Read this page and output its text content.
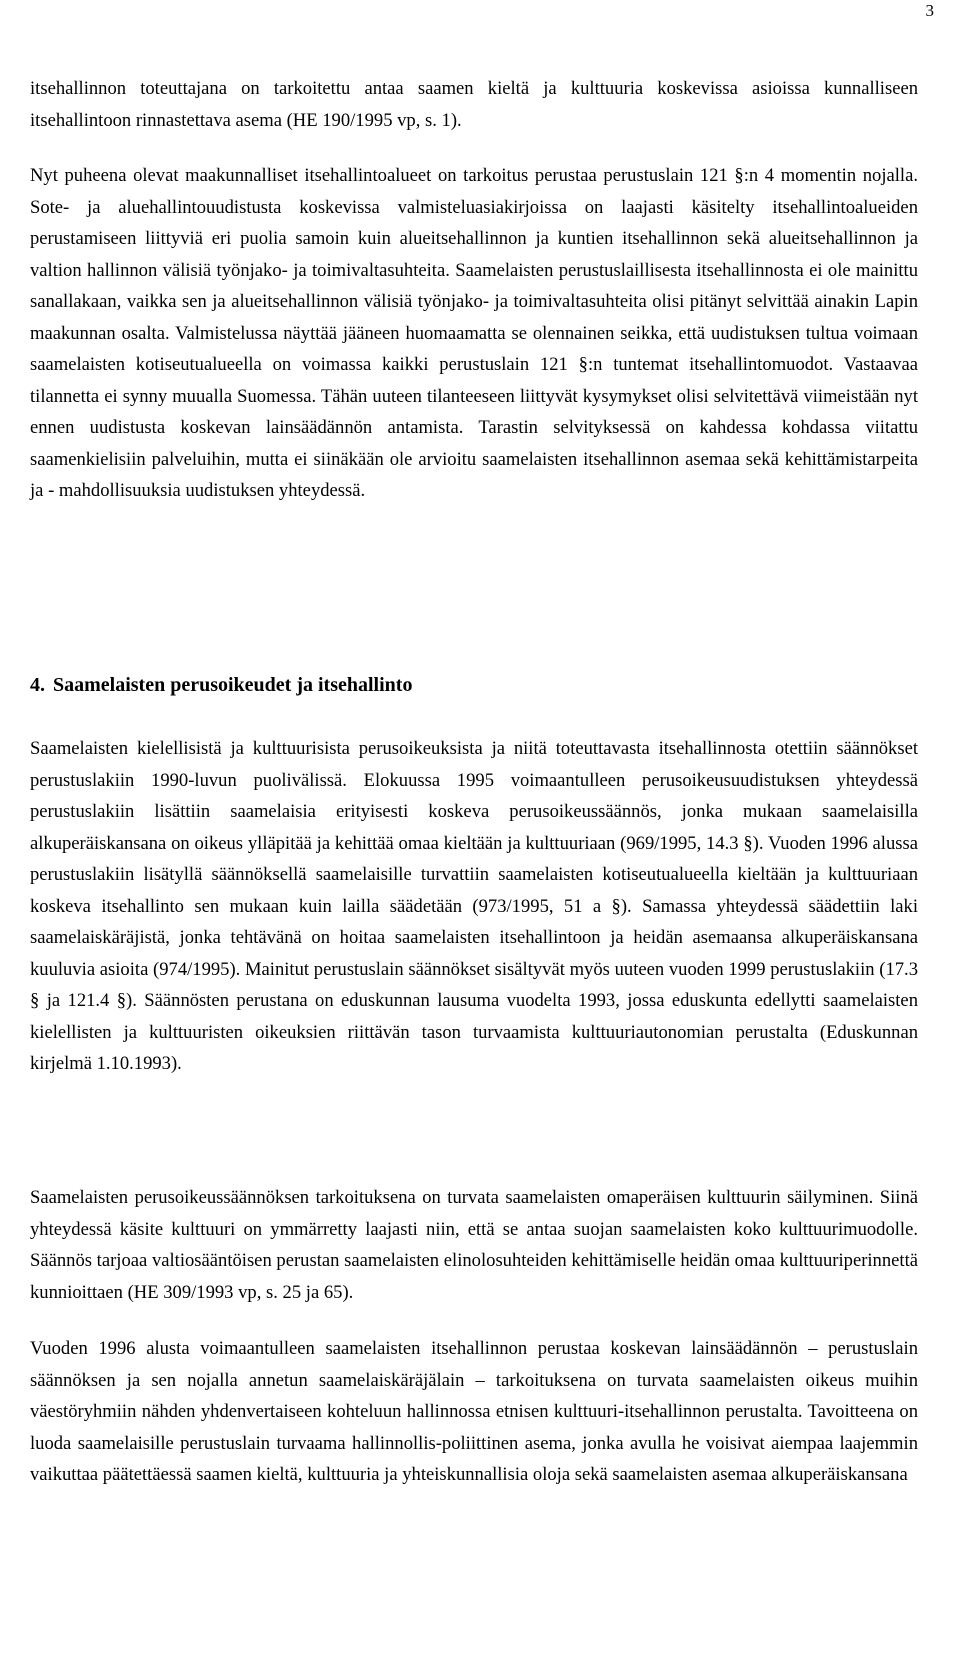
3

itsehallinnon toteuttajana on tarkoitettu antaa saamen kieltä ja kulttuuria koskevissa asioissa kunnalliseen itsehallintoon rinnastettava asema (HE 190/1995 vp, s. 1).

Nyt puheena olevat maakunnalliset itsehallintoalueet on tarkoitus perustaa perustuslain 121 §:n 4 momentin nojalla. Sote- ja aluehallintouudistusta koskevissa valmisteluasiakirjoissa on laajasti käsitelty itsehallintoalueiden perustamiseen liittyviä eri puolia samoin kuin alueitsehallinnon ja kuntien itsehallinnon sekä alueitsehallinnon ja valtion hallinnon välisiä työnjako- ja toimivaltasuhteita. Saamelaisten perustuslaillisesta itsehallinnosta ei ole mainittu sanallakaan, vaikka sen ja alueitsehallinnon välisiä työnjako- ja toimivaltasuhteita olisi pitänyt selvittää ainakin Lapin maakunnan osalta. Valmistelussa näyttää jääneen huomaamatta se olennainen seikka, että uudistuksen tultua voimaan saamelaisten kotiseutualueella on voimassa kaikki perustuslain 121 §:n tuntemat itsehallintomuodot. Vastaavaa tilannetta ei synny muualla Suomessa. Tähän uuteen tilanteeseen liittyvät kysymykset olisi selvitettävä viimeistään nyt ennen uudistusta koskevan lainsäädännön antamista. Tarastin selvityksessä on kahdessa kohdassa viitattu saamenkielisiin palveluihin, mutta ei siinäkään ole arvioitu saamelaisten itsehallinnon asemaa sekä kehittämistarpeita ja - mahdollisuuksia uudistuksen yhteydessä.

4. Saamelaisten perusoikeudet ja itsehallinto

Saamelaisten kielellisistä ja kulttuurisista perusoikeuksista ja niitä toteuttavasta itsehallinnosta otettiin säännökset perustuslakiin 1990-luvun puolivälissä. Elokuussa 1995 voimaantulleen perusoikeusuudistuksen yhteydessä perustuslakiin lisättiin saamelaisia erityisesti koskeva perusoikeussäännös, jonka mukaan saamelaisilla alkuperäiskansana on oikeus ylläpitää ja kehittää omaa kieltään ja kulttuuriaan (969/1995, 14.3 §). Vuoden 1996 alussa perustuslakiin lisätyllä säännöksellä saamelaisille turvattiin saamelaisten kotiseutualueella kieltään ja kulttuuriaan koskeva itsehallinto sen mukaan kuin lailla säädetään (973/1995, 51 a §). Samassa yhteydessä säädettiin laki saamelaiskäräjistä, jonka tehtävänä on hoitaa saamelaisten itsehallintoon ja heidän asemaansa alkuperäiskansana kuuluvia asioita (974/1995). Mainitut perustuslain säännökset sisältyvät myös uuteen vuoden 1999 perustuslakiin (17.3 § ja 121.4 §). Säännösten perustana on eduskunnan lausuma vuodelta 1993, jossa eduskunta edellytti saamelaisten kielellisten ja kulttuuristen oikeuksien riittävän tason turvaamista kulttuuriautonomian perustalta (Eduskunnan kirjelmä 1.10.1993).

Saamelaisten perusoikeussäännöksen tarkoituksena on turvata saamelaisten omaperäisen kulttuurin säilyminen. Siinä yhteydessä käsite kulttuuri on ymmärretty laajasti niin, että se antaa suojan saamelaisten koko kulttuurimuodolle. Säännös tarjoaa valtiosääntöisen perustan saamelaisten elinolosuhteiden kehittämiselle heidän omaa kulttuuriperinnettä kunnioittaen (HE 309/1993 vp, s. 25 ja 65).

Vuoden 1996 alusta voimaantulleen saamelaisten itsehallinnon perustaa koskevan lainsäädännön – perustuslain säännöksen ja sen nojalla annetun saamelaiskäräjälain – tarkoituksena on turvata saamelaisten oikeus muihin väestöryhmiin nähden yhdenvertaiseen kohteluun hallinnossa etnisen kulttuuri-itsehallinnon perustalta. Tavoitteena on luoda saamelaisille perustuslain turvaama hallinnollis-poliittinen asema, jonka avulla he voisivat aiempaa laajemmin vaikuttaa päätettäessä saamen kieltä, kulttuuria ja yhteiskunnallisia oloja sekä saamelaisten asemaa alkuperäiskansana
